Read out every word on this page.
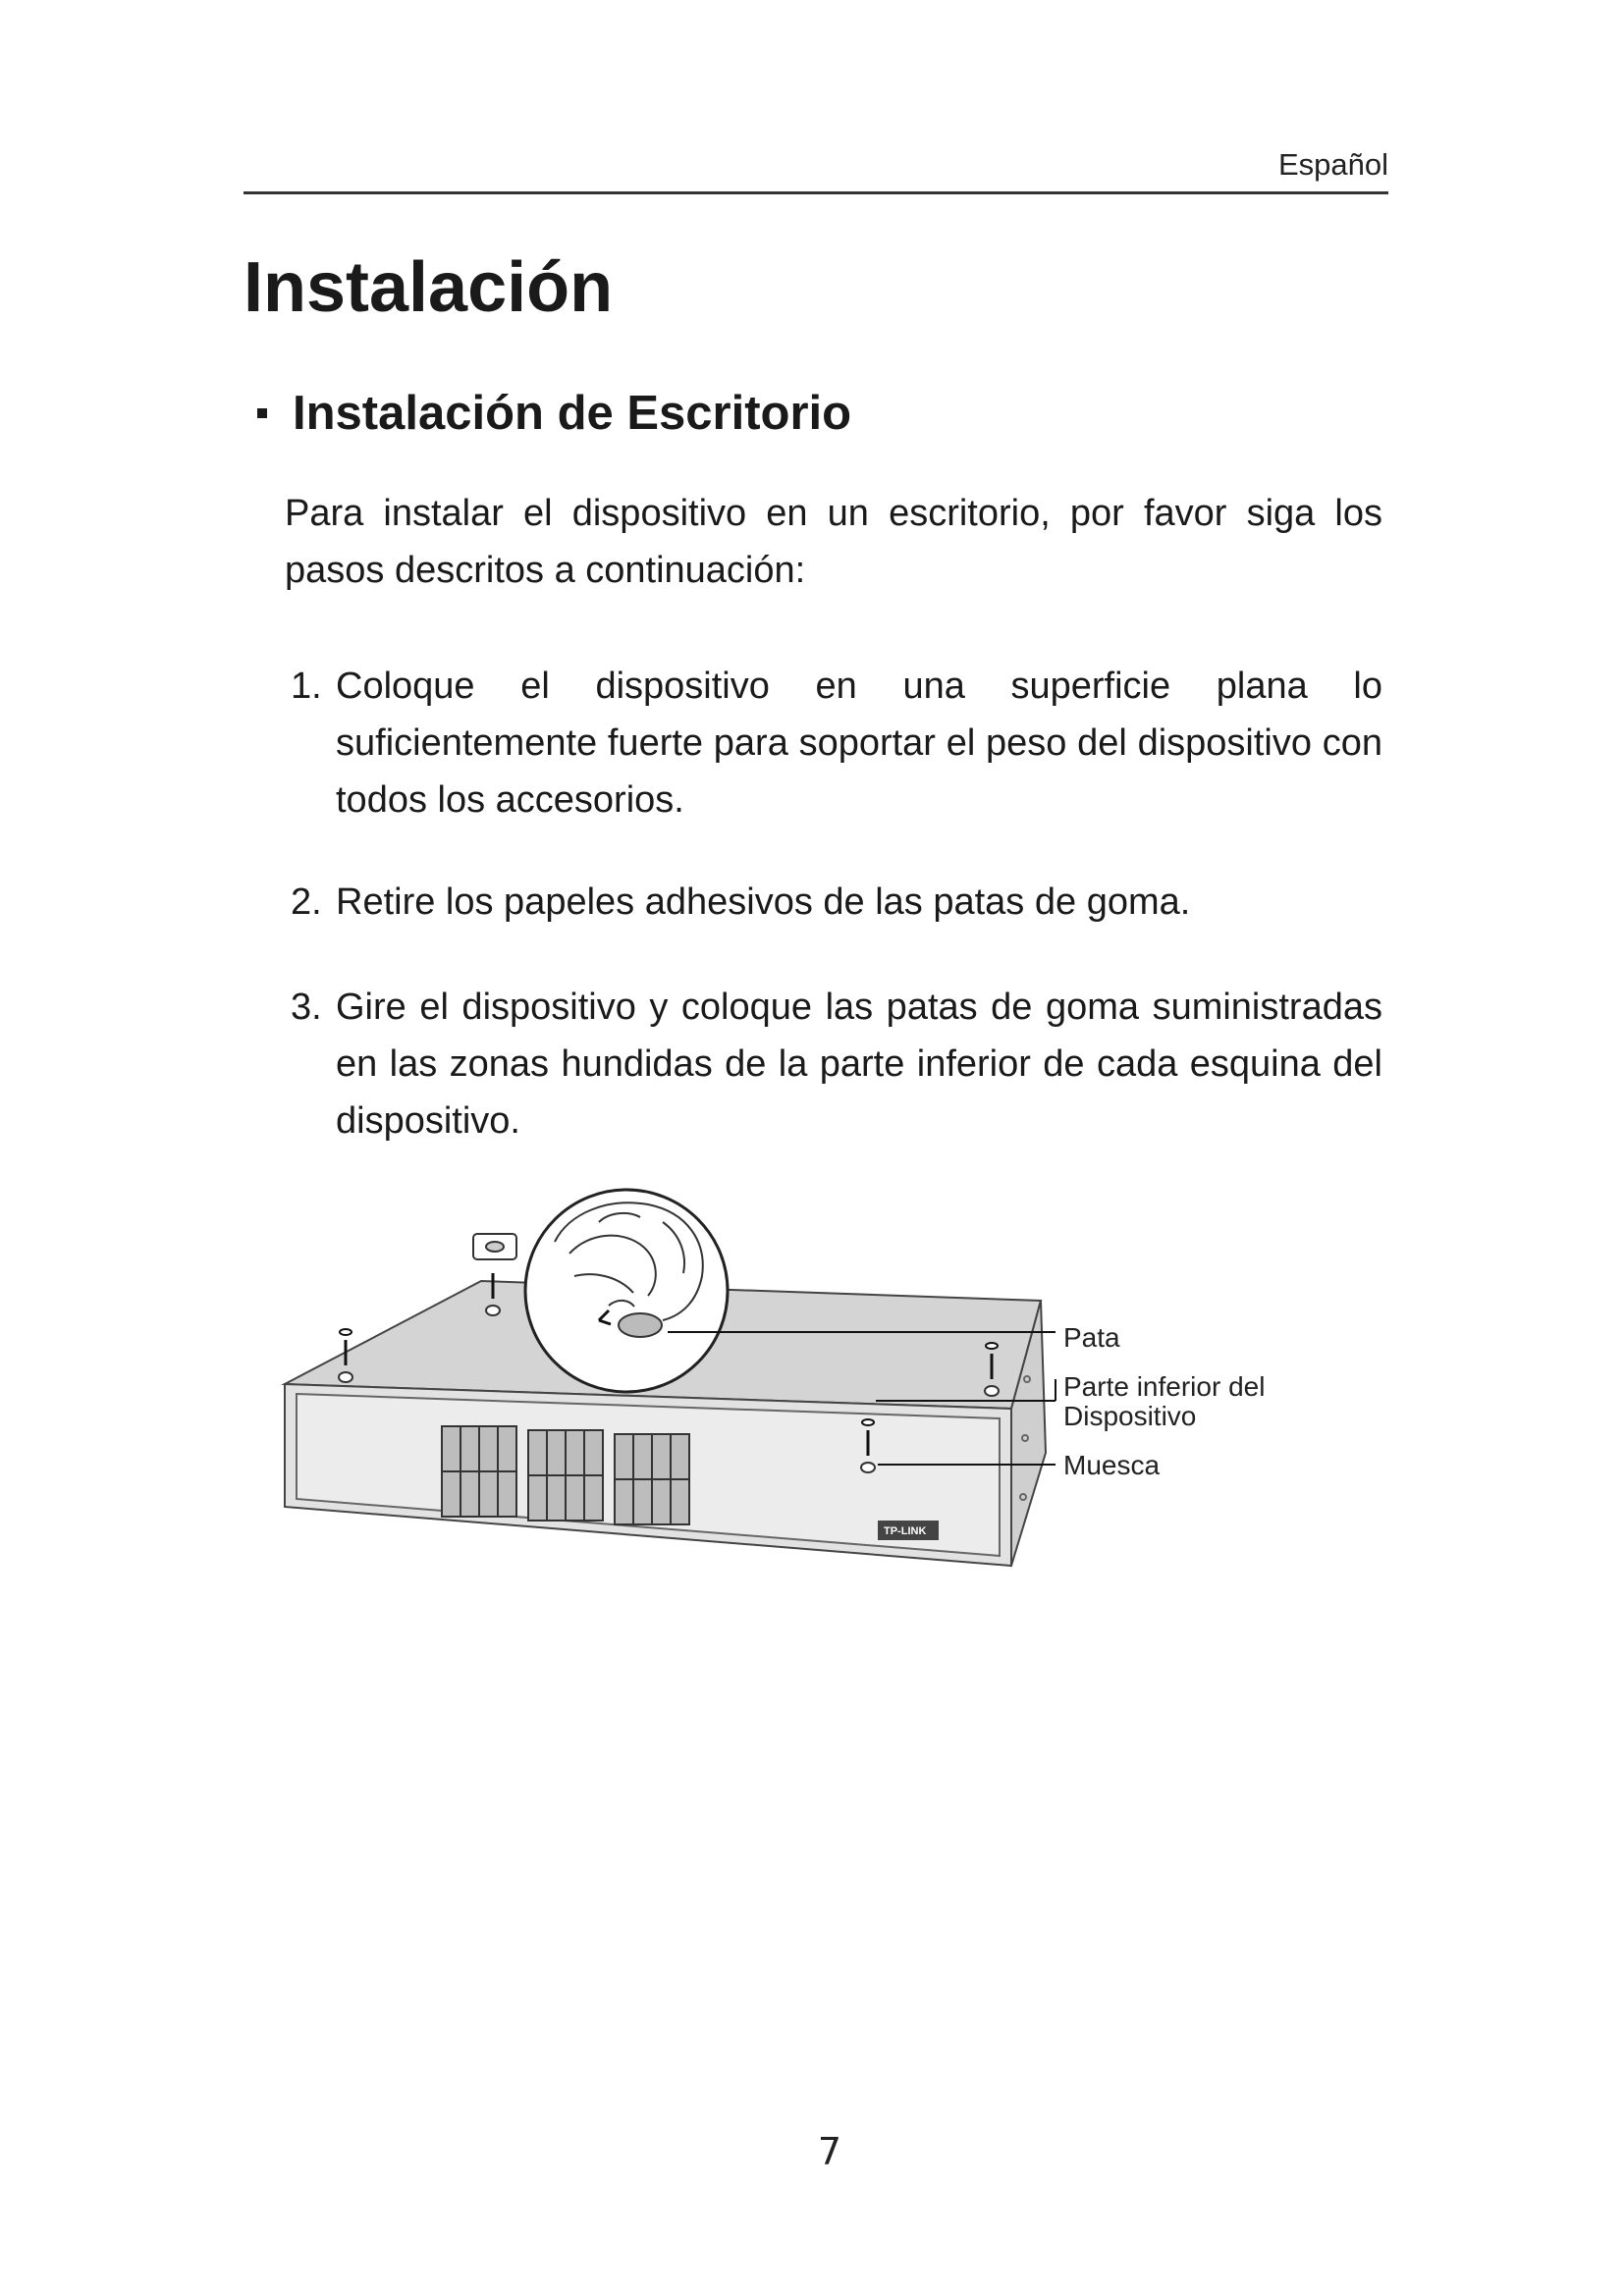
Español
Instalación
Instalación de Escritorio

Para instalar el dispositivo en un escritorio, por favor siga los pasos descritos a continuación:

1. Coloque el dispositivo en una superficie plana lo suficientemente fuerte para soportar el peso del dispositivo con todos los accesorios.
2. Retire los papeles adhesivos de las patas de goma.
3. Gire el dispositivo y coloque las patas de goma suministradas en las zonas hundidas de la parte inferior de cada esquina del dispositivo.
TP-LINK
Pata
Parte inferior del
Dispositivo
Muesca
7
